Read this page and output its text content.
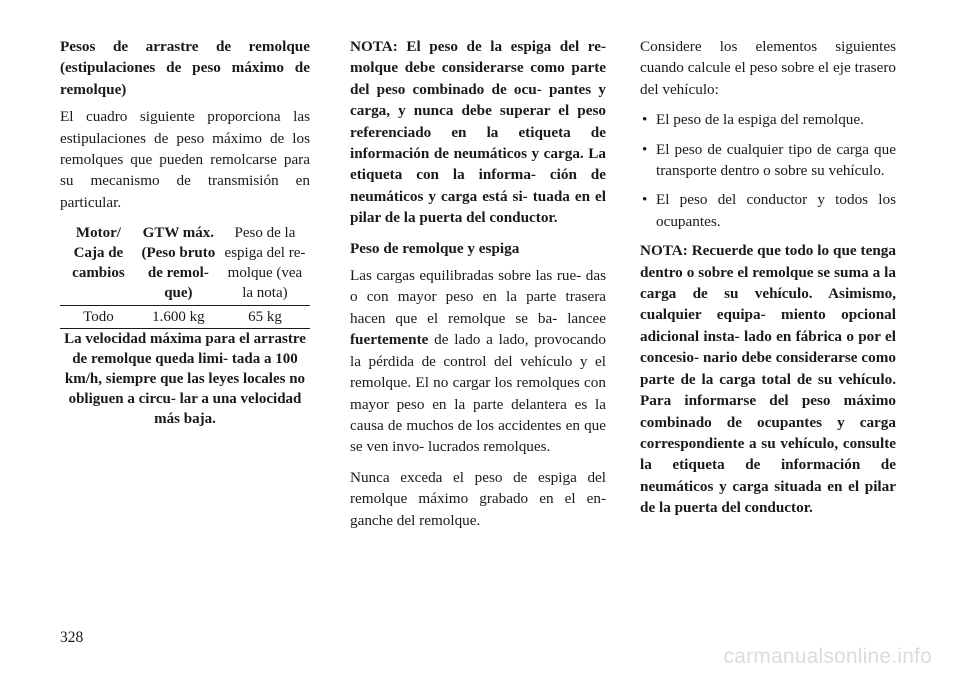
Pesos de arrastre de remolque (estipulaciones de peso máximo de remolque)

El cuadro siguiente proporciona las estipulaciones de peso máximo de los remolques que pueden remolcarse para su mecanismo de transmisión en particular.

Motor/ Caja de cambios	GTW máx. (Peso bruto de remol- que)	Peso de la espiga del re- molque (vea la nota)
Todo	1.600 kg	65 kg
La velocidad máxima para el arrastre de remolque queda limi- tada a 100 km/h, siempre que las leyes locales no obliguen a circu- lar a una velocidad más baja.		

NOTA: El peso de la espiga del re- molque debe considerarse como parte del peso combinado de ocu- pantes y carga, y nunca debe superar el peso referenciado en la etiqueta de información de neumáticos y carga. La etiqueta con la informa- ción de neumáticos y carga está si- tuada en el pilar de la puerta del conductor.

Peso de remolque y espiga

Las cargas equilibradas sobre las rue- das o con mayor peso en la parte trasera hacen que el remolque se ba- lancee fuertemente de lado a lado, provocando la pérdida de control del vehículo y el remolque. El no cargar los remolques con mayor peso en la parte delantera es la causa de muchos de los accidentes en que se ven invo- lucrados remolques.

Nunca exceda el peso de espiga del remolque máximo grabado en el en- ganche del remolque.

Considere los elementos siguientes cuando calcule el peso sobre el eje trasero del vehículo:

• El peso de la espiga del remolque.
• El peso de cualquier tipo de carga que transporte dentro o sobre su vehículo.
• El peso del conductor y todos los ocupantes.

NOTA: Recuerde que todo lo que tenga dentro o sobre el remolque se suma a la carga de su vehículo. Asimismo, cualquier equipa- miento opcional adicional insta- lado en fábrica o por el concesio- nario debe considerarse como parte de la carga total de su vehículo. Para informarse del peso máximo combinado de ocupantes y carga correspondiente a su vehículo, consulte la etiqueta de información de neumáticos y carga situada en el pilar de la puerta del conductor.

328
carmanualsonline.info
